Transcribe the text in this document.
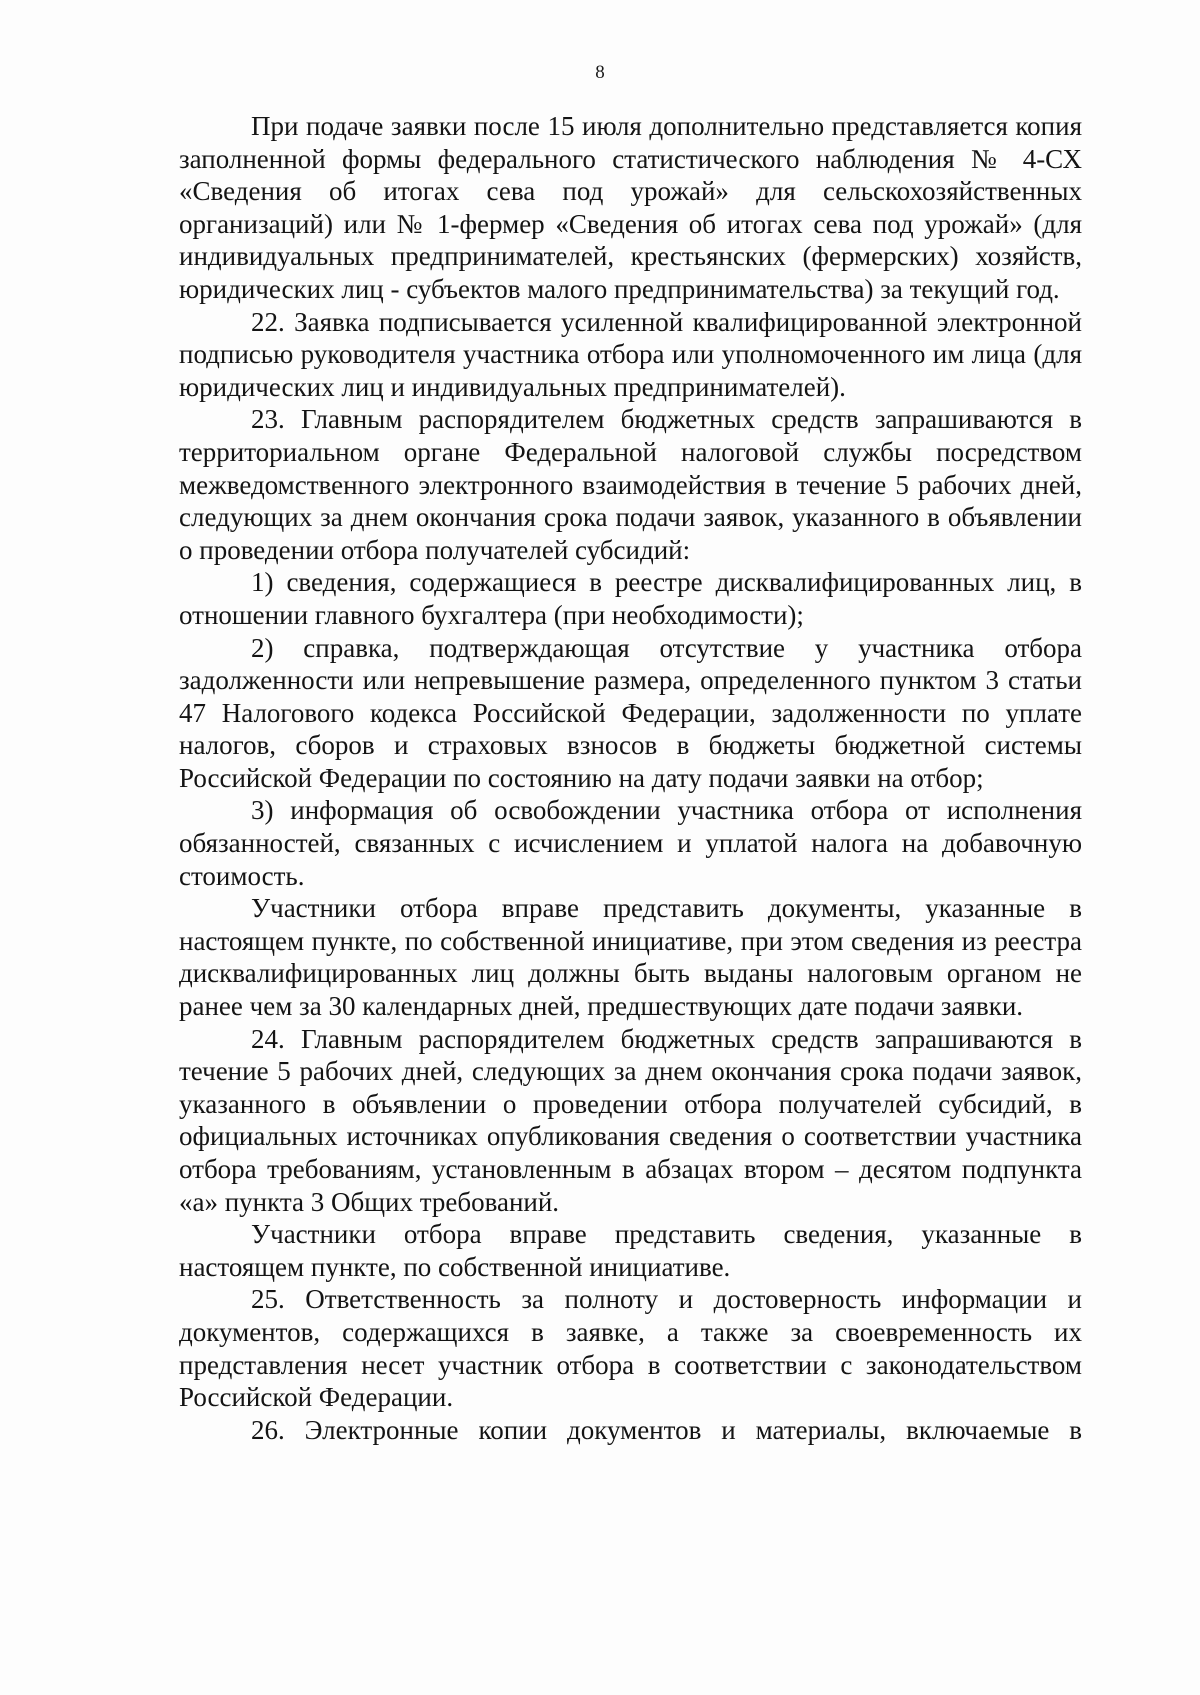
8

При подаче заявки после 15 июля дополнительно представляется копия заполненной формы федерального статистического наблюдения № 4-СХ «Сведения об итогах сева под урожай» для сельскохозяйственных организаций) или № 1-фермер «Сведения об итогах сева под урожай» (для индивидуальных предпринимателей, крестьянских (фермерских) хозяйств, юридических лиц - субъектов малого предпринимательства) за текущий год.

22. Заявка подписывается усиленной квалифицированной электронной подписью руководителя участника отбора или уполномоченного им лица (для юридических лиц и индивидуальных предпринимателей).

23. Главным распорядителем бюджетных средств запрашиваются в территориальном органе Федеральной налоговой службы посредством межведомственного электронного взаимодействия в течение 5 рабочих дней, следующих за днем окончания срока подачи заявок, указанного в объявлении о проведении отбора получателей субсидий:

1) сведения, содержащиеся в реестре дисквалифицированных лиц, в отношении главного бухгалтера (при необходимости);

2) справка, подтверждающая отсутствие у участника отбора задолженности или непревышение размера, определенного пунктом 3 статьи 47 Налогового кодекса Российской Федерации, задолженности по уплате налогов, сборов и страховых взносов в бюджеты бюджетной системы Российской Федерации по состоянию на дату подачи заявки на отбор;

3) информация об освобождении участника отбора от исполнения обязанностей, связанных с исчислением и уплатой налога на добавочную стоимость.

Участники отбора вправе представить документы, указанные в настоящем пункте, по собственной инициативе, при этом сведения из реестра дисквалифицированных лиц должны быть выданы налоговым органом не ранее чем за 30 календарных дней, предшествующих дате подачи заявки.

24. Главным распорядителем бюджетных средств запрашиваются в течение 5 рабочих дней, следующих за днем окончания срока подачи заявок, указанного в объявлении о проведении отбора получателей субсидий, в официальных источниках опубликования сведения о соответствии участника отбора требованиям, установленным в абзацах втором – десятом подпункта «а» пункта 3 Общих требований.

Участники отбора вправе представить сведения, указанные в настоящем пункте, по собственной инициативе.

25. Ответственность за полноту и достоверность информации и документов, содержащихся в заявке, а также за своевременность их представления несет участник отбора в соответствии с законодательством Российской Федерации.

26. Электронные копии документов и материалы, включаемые в
